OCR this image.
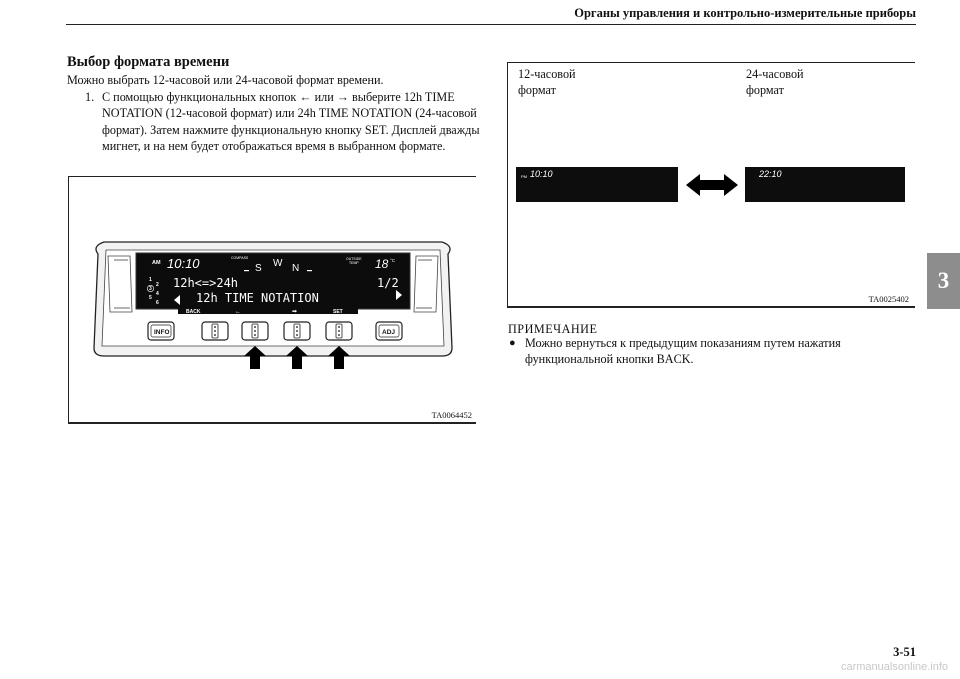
Органы управления и контрольно-измерительные приборы
3
Выбор формата времени
Можно выбрать 12-часовой или 24-часовой формат времени.
1. С помощью функциональных кнопок ← или → выберите 12h TIME NOTATION (12-часовой формат) или 24h TIME NOTATION (24-часовой формат). Затем нажмите функциональную кнопку SET. Дисплей дважды мигнет, и на нем будет отображаться время в выбранном формате.
AM 10:10	COMPASS
S W N
OUTSIDE
TEMP 18 °C
12h<=>24h	1/2
12h TIME NOTATION
1
2
3
4
5
6
BACK	←	➡	SET
INFO	ADJ
TA0064452
12-часовой
формат
24-часовой
формат
PM 10:10	22:10
TA0025402
ПРИМЕЧАНИЕ
● Можно вернуться к предыдущим показаниям путем нажатия функциональной кнопки BACK.
3-51
carmanualsonline.info
